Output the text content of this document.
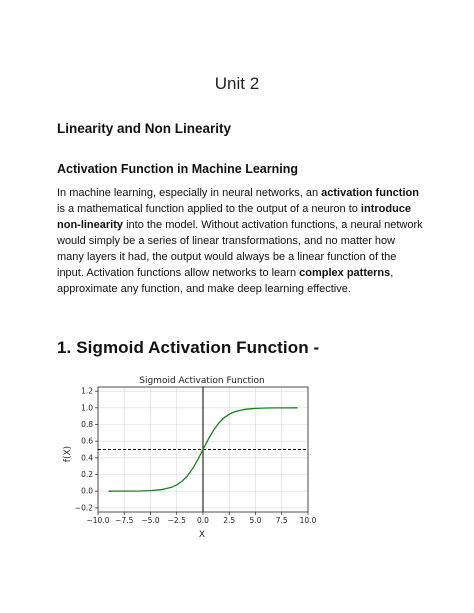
Unit 2
Linearity and Non Linearity
Activation Function in Machine Learning
In machine learning, especially in neural networks, an activation function is a mathematical function applied to the output of a neuron to introduce non-linearity into the model. Without activation functions, a neural network would simply be a series of linear transformations, and no matter how many layers it had, the output would always be a linear function of the input. Activation functions allow networks to learn complex patterns, approximate any function, and make deep learning effective.
1. Sigmoid Activation Function -
Sigmoid Activation Function
f(X)
X
−10.0 −7.5 −5.0 −2.5 0.0 2.5 5.0 7.5 10.0
−0.2
0.0
0.2
0.4
0.6
0.8
1.0
1.2
